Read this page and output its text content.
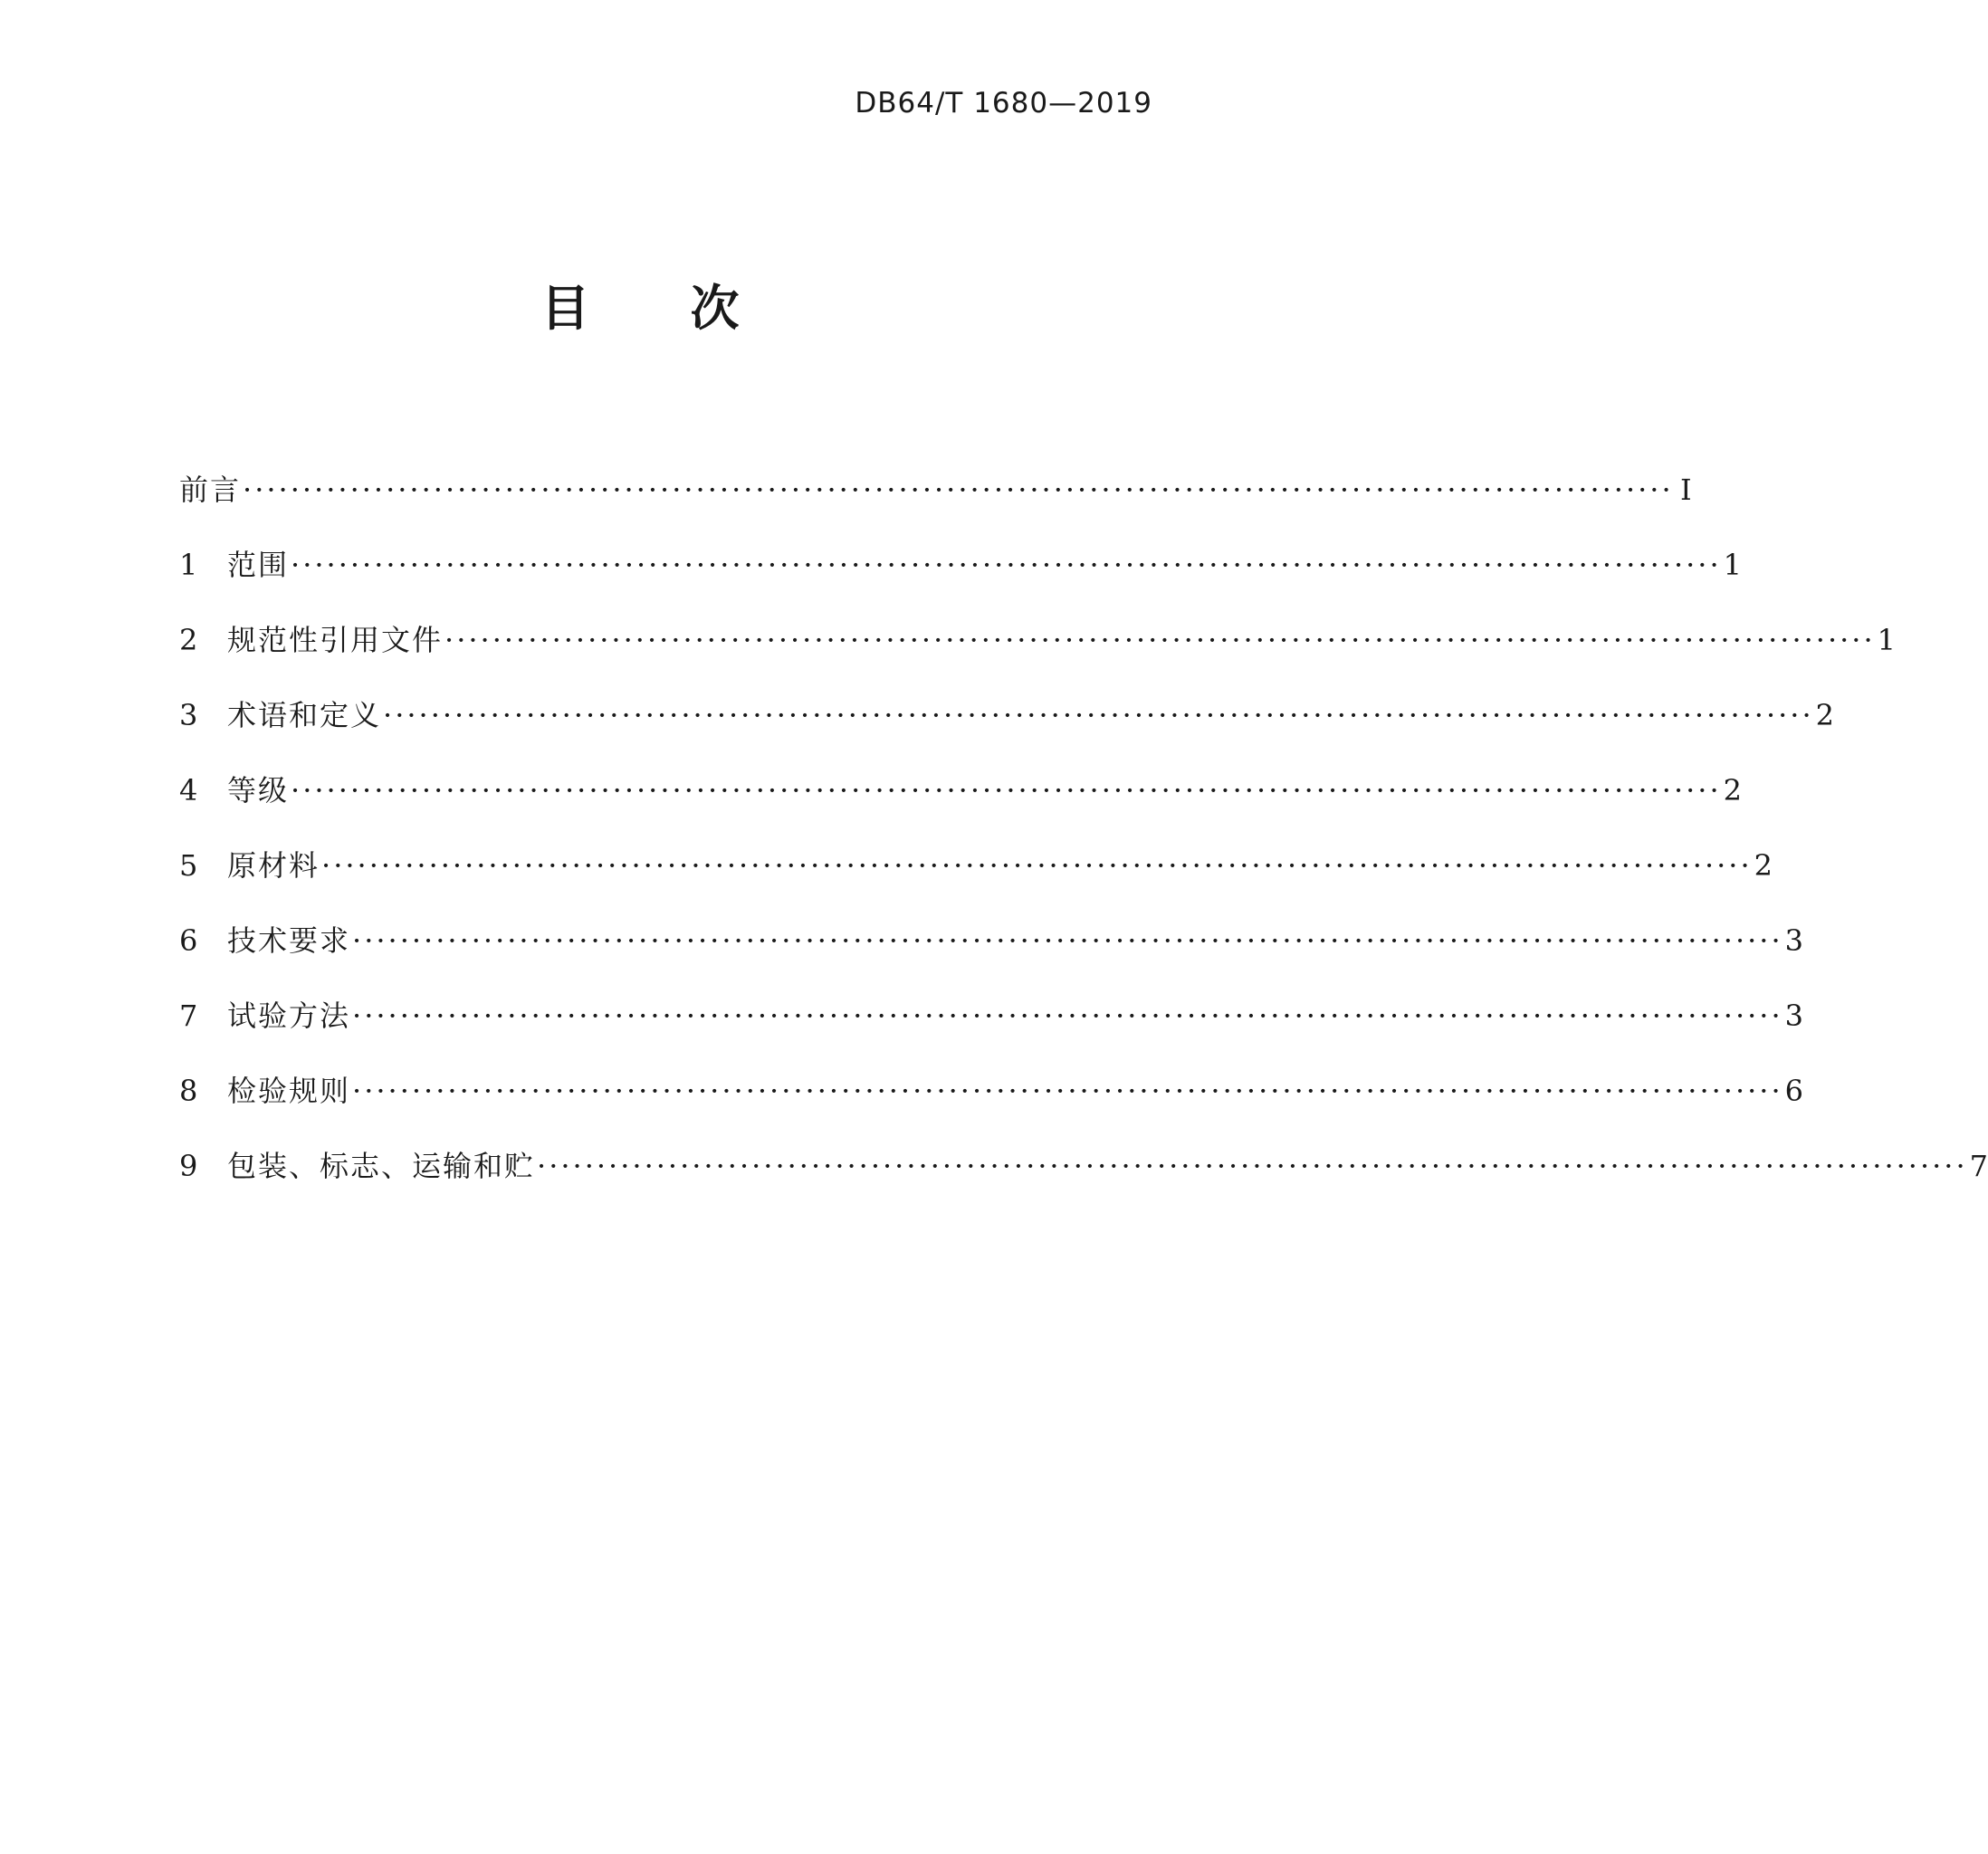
DB64/T 1680—2019
目 次
前言 ························································································································ I
1	范围 ························································································································ 1
2	规范性引用文件 ························································································································ 1
3	术语和定义 ························································································································ 2
4	等级 ························································································································ 2
5	原材料 ························································································································ 2
6	技术要求 ························································································································ 3
7	试验方法 ························································································································ 3
8	检验规则 ························································································································ 6
9	包装、标志、运输和贮 ························································································································ 7
